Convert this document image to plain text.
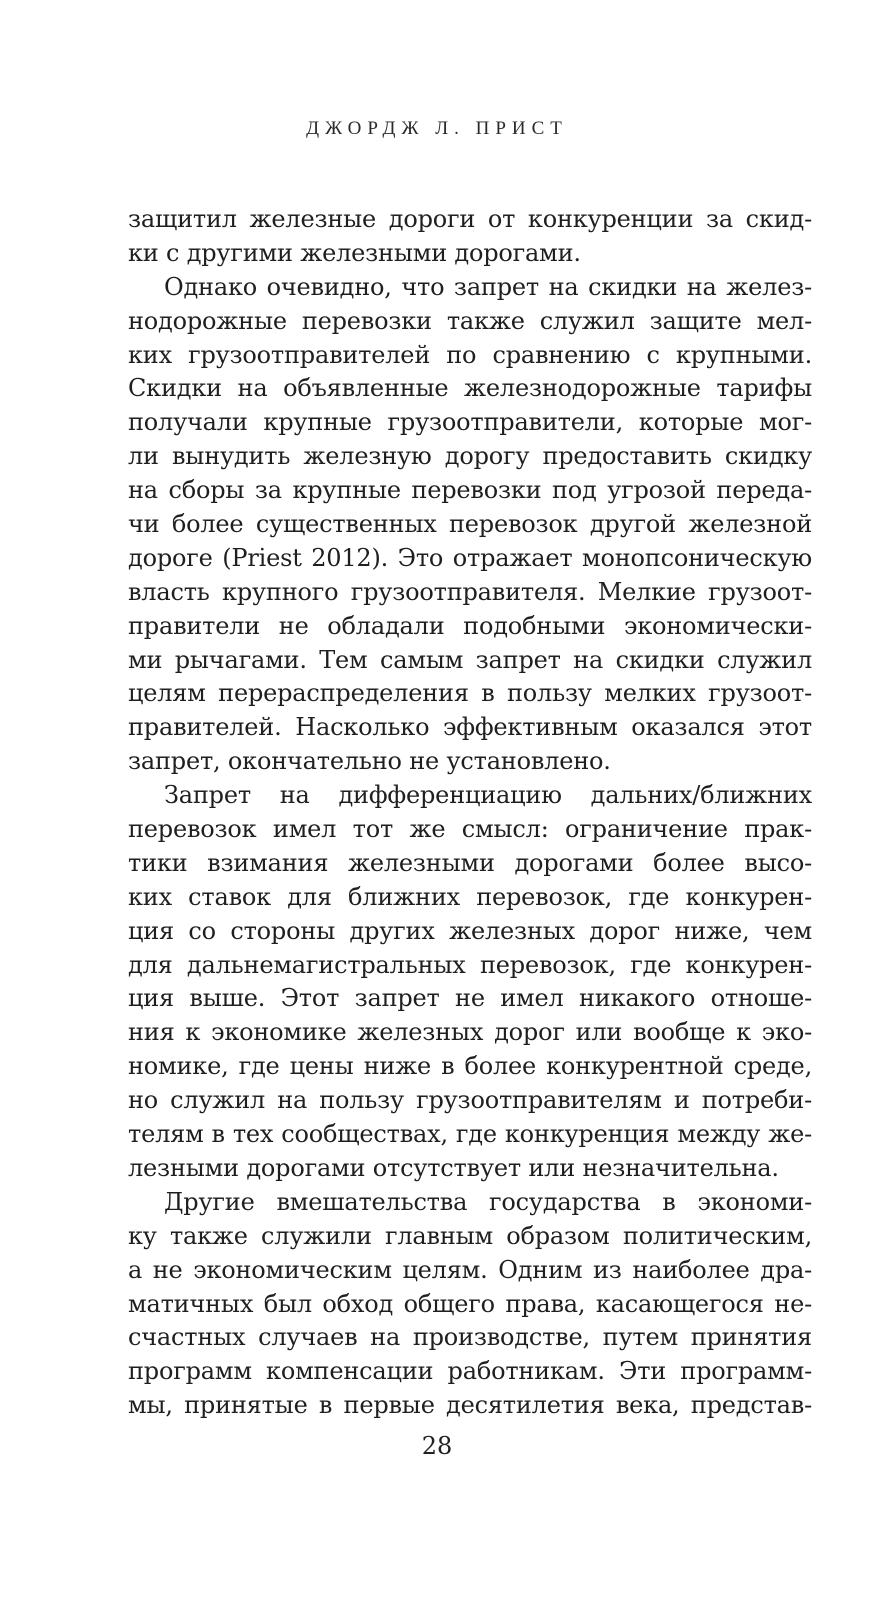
ДЖОРДЖ Л. ПРИСТ
защитил железные дороги от конкуренции за скид-
ки с другими железными дорогами.
Однако очевидно, что запрет на скидки на желез-
нодорожные перевозки также служил защите мел-
ких грузоотправителей по сравнению с крупными.
Скидки на объявленные железнодорожные тарифы
получали крупные грузоотправители, которые мог-
ли вынудить железную дорогу предоставить скидку
на сборы за крупные перевозки под угрозой переда-
чи более существенных перевозок другой железной
дороге (Priest 2012). Это отражает монопсоническую
власть крупного грузоотправителя. Мелкие грузоот-
правители не обладали подобными экономически-
ми рычагами. Тем самым запрет на скидки служил
целям перераспределения в пользу мелких грузоот-
правителей. Насколько эффективным оказался этот
запрет, окончательно не установлено.
Запрет на дифференциацию дальних/ближних
перевозок имел тот же смысл: ограничение прак-
тики взимания железными дорогами более высо-
ких ставок для ближних перевозок, где конкурен-
ция со стороны других железных дорог ниже, чем
для дальнемагистральных перевозок, где конкурен-
ция выше. Этот запрет не имел никакого отноше-
ния к экономике железных дорог или вообще к эко-
номике, где цены ниже в более конкурентной среде,
но служил на пользу грузоотправителям и потреби-
телям в тех сообществах, где конкуренция между же-
лезными дорогами отсутствует или незначительна.
Другие вмешательства государства в экономи-
ку также служили главным образом политическим,
а не экономическим целям. Одним из наиболее дра-
матичных был обход общего права, касающегося не-
счастных случаев на производстве, путем принятия
программ компенсации работникам. Эти программ-
мы, принятые в первые десятилетия века, представ-
28
